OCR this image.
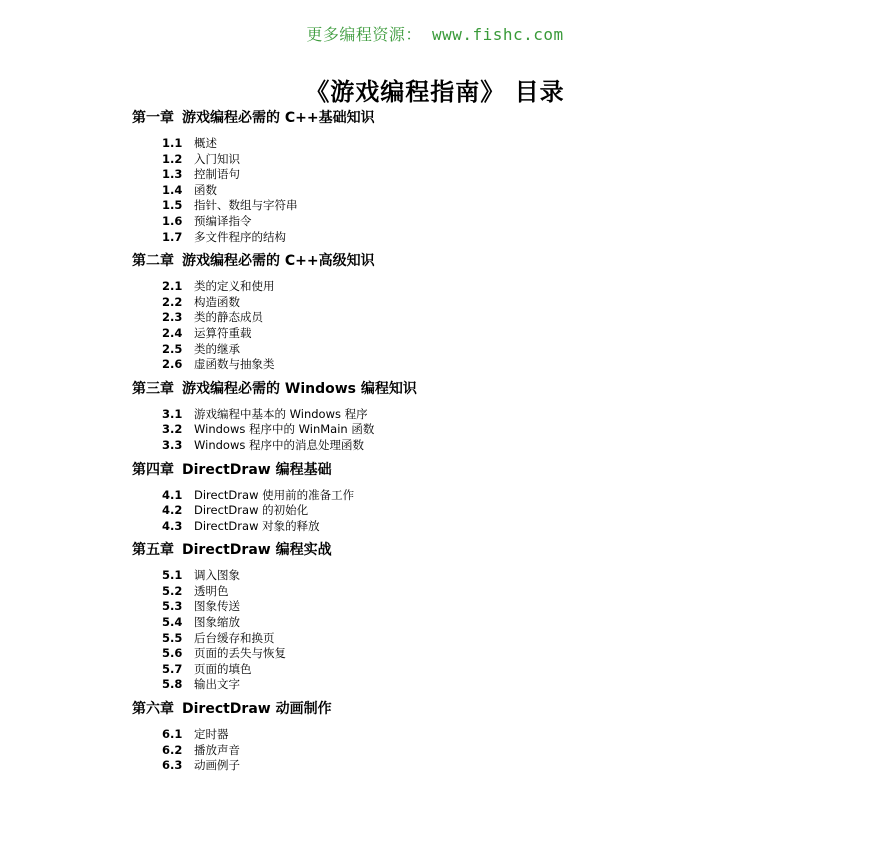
更多编程资源： www.fishc.com
《游戏编程指南》 目录
第一章 游戏编程必需的 C++基础知识
1.1 概述
1.2 入门知识
1.3 控制语句
1.4 函数
1.5 指针、数组与字符串
1.6 预编译指令
1.7 多文件程序的结构
第二章 游戏编程必需的 C++高级知识
2.1 类的定义和使用
2.2 构造函数
2.3 类的静态成员
2.4 运算符重载
2.5 类的继承
2.6 虚函数与抽象类
第三章 游戏编程必需的 Windows 编程知识
3.1 游戏编程中基本的 Windows 程序
3.2 Windows 程序中的 WinMain 函数
3.3 Windows 程序中的消息处理函数
第四章 DirectDraw 编程基础
4.1 DirectDraw 使用前的准备工作
4.2 DirectDraw 的初始化
4.3 DirectDraw 对象的释放
第五章 DirectDraw 编程实战
5.1 调入图象
5.2 透明色
5.3 图象传送
5.4 图象缩放
5.5 后台缓存和换页
5.6 页面的丢失与恢复
5.7 页面的填色
5.8 输出文字
第六章 DirectDraw 动画制作
6.1 定时器
6.2 播放声音
6.3 动画例子
